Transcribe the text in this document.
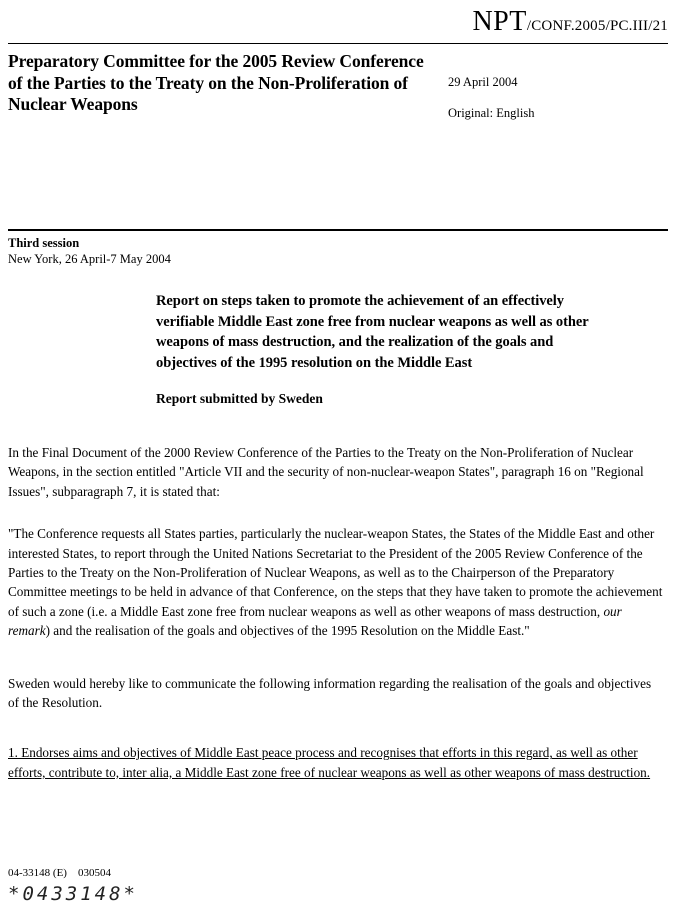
NPT/CONF.2005/PC.III/21
Preparatory Committee for the 2005 Review Conference of the Parties to the Treaty on the Non-Proliferation of Nuclear Weapons
29 April 2004
Original: English
Third session
New York, 26 April-7 May 2004
Report on steps taken to promote the achievement of an effectively verifiable Middle East zone free from nuclear weapons as well as other weapons of mass destruction, and the realization of the goals and objectives of the 1995 resolution on the Middle East
Report submitted by Sweden

In the Final Document of the 2000 Review Conference of the Parties to the Treaty on the Non-Proliferation of Nuclear Weapons, in the section entitled "Article VII and the security of non-nuclear-weapon States", paragraph 16 on "Regional Issues", subparagraph 7, it is stated that:

"The Conference requests all States parties, particularly the nuclear-weapon States, the States of the Middle East and other interested States, to report through the United Nations Secretariat to the President of the 2005 Review Conference of the Parties to the Treaty on the Non-Proliferation of Nuclear Weapons, as well as to the Chairperson of the Preparatory Committee meetings to be held in advance of that Conference, on the steps that they have taken to promote the achievement of such a zone (i.e. a Middle East zone free from nuclear weapons as well as other weapons of mass destruction, our remark) and the realisation of the goals and objectives of the 1995 Resolution on the Middle East."

Sweden would hereby like to communicate the following information regarding the realisation of the goals and objectives of the Resolution.

1. Endorses aims and objectives of Middle East peace process and recognises that efforts in this regard, as well as other efforts, contribute to, inter alia, a Middle East zone free of nuclear weapons as well as other weapons of mass destruction.

04-33148 (E)    030504
*0433148*
